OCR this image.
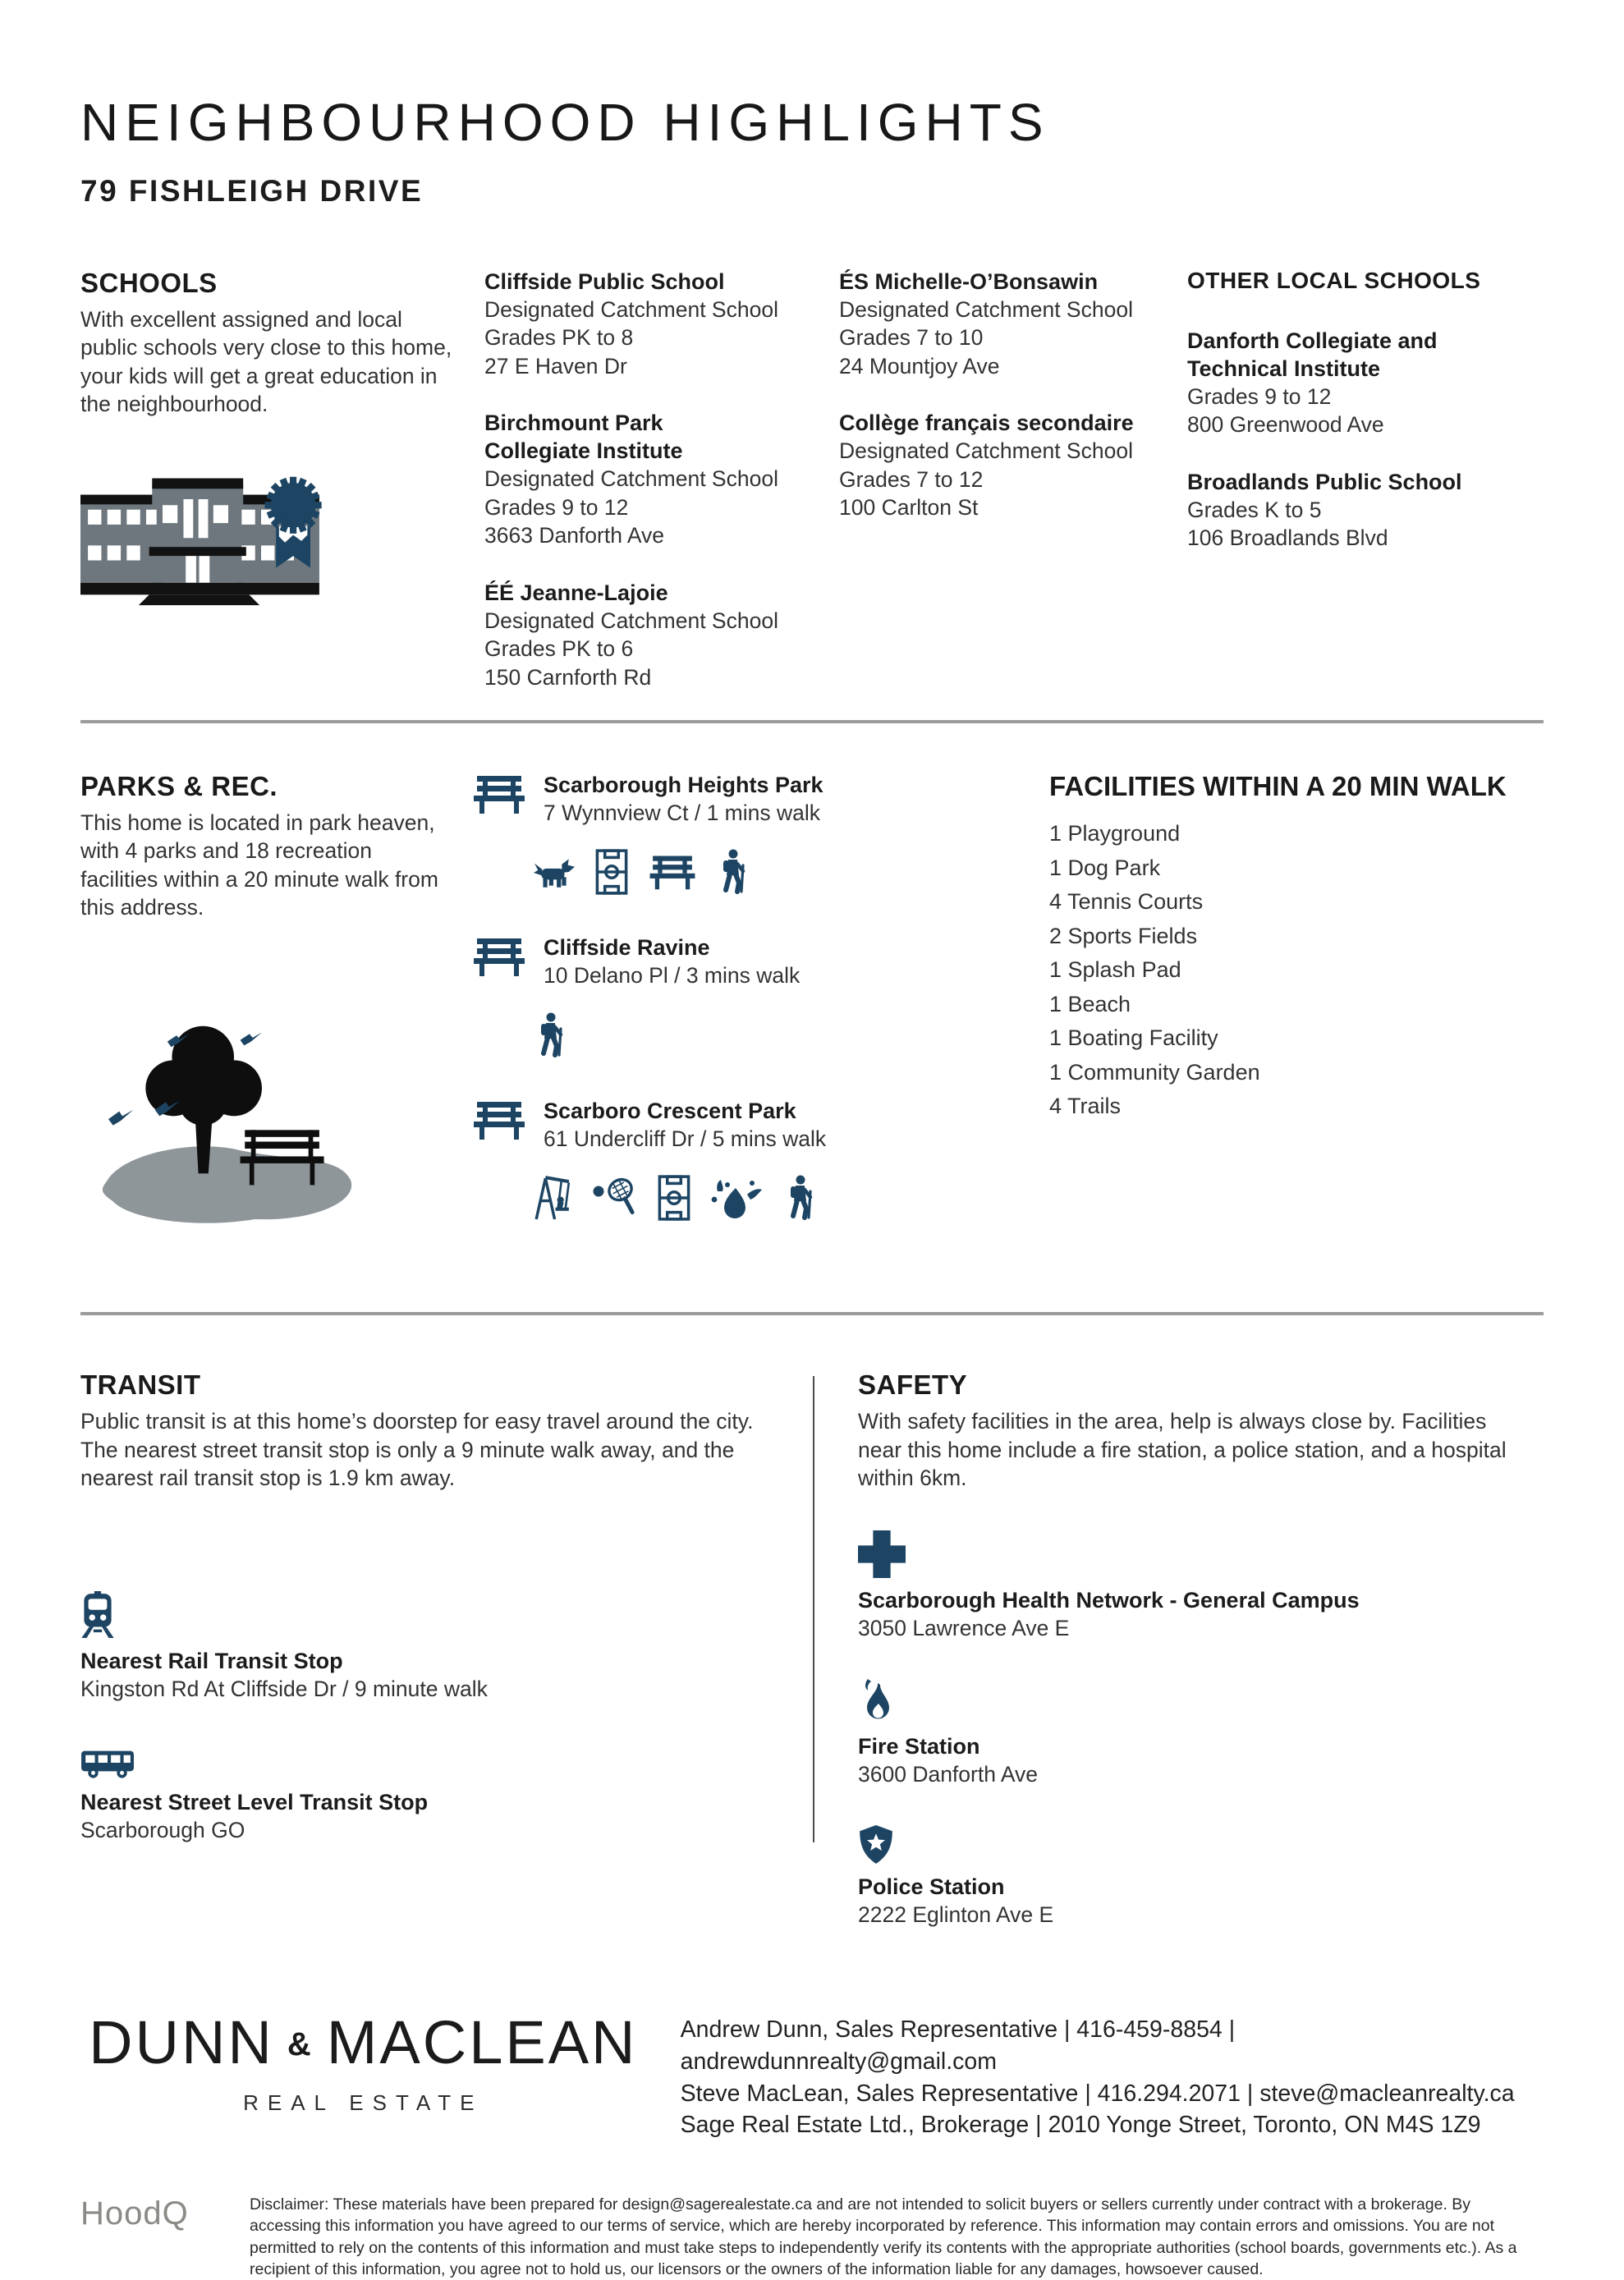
NEIGHBOURHOOD HIGHLIGHTS
79 FISHLEIGH DRIVE
SCHOOLS
With excellent assigned and local public schools very close to this home, your kids will get a great education in the neighbourhood.
Cliffside Public School
Designated Catchment School
Grades PK to 8
27 E Haven Dr
Birchmount Park Collegiate Institute
Designated Catchment School
Grades 9 to 12
3663 Danforth Ave
ÉÉ Jeanne-Lajoie
Designated Catchment School
Grades PK to 6
150 Carnforth Rd
ÉS Michelle-O’Bonsawin
Designated Catchment School
Grades 7 to 10
24 Mountjoy Ave
Collège français secondaire
Designated Catchment School
Grades 7 to 12
100 Carlton St
OTHER LOCAL SCHOOLS
Danforth Collegiate and Technical Institute
Grades 9 to 12
800 Greenwood Ave
Broadlands Public School
Grades K to 5
106 Broadlands Blvd
PARKS & REC.
This home is located in park heaven, with 4 parks and 18 recreation facilities within a 20 minute walk from this address.
Scarborough Heights Park
7 Wynnview Ct / 1 mins walk
Cliffside Ravine
10 Delano Pl / 3 mins walk
Scarboro Crescent Park
61 Undercliff Dr / 5 mins walk
FACILITIES WITHIN A 20 MIN WALK
1 Playground
1 Dog Park
4 Tennis Courts
2 Sports Fields
1 Splash Pad
1 Beach
1 Boating Facility
1 Community Garden
4 Trails
TRANSIT
Public transit is at this home’s doorstep for easy travel around the city. The nearest street transit stop is only a 9 minute walk away, and the nearest rail transit stop is 1.9 km away.
Nearest Rail Transit Stop
Kingston Rd At Cliffside Dr / 9 minute walk
Nearest Street Level Transit Stop
Scarborough GO
SAFETY
With safety facilities in the area, help is always close by. Facilities near this home include a fire station, a police station, and a hospital within 6km.
Scarborough Health Network - General Campus
3050 Lawrence Ave E
Fire Station
3600 Danforth Ave
Police Station
2222 Eglinton Ave E
DUNN & MACLEAN
REAL ESTATE
Andrew Dunn, Sales Representative | 416-459-8854 | andrewdunnrealty@gmail.com
Steve MacLean, Sales Representative | 416.294.2071 | steve@macleanrealty.ca
Sage Real Estate Ltd., Brokerage | 2010 Yonge Street, Toronto, ON M4S 1Z9
HoodQ	Disclaimer: These materials have been prepared for design@sagerealestate.ca and are not intended to solicit buyers or sellers currently under contract with a brokerage. By accessing this information you have agreed to our terms of service, which are hereby incorporated by reference. This information may contain errors and omissions. You are not permitted to rely on the contents of this information and must take steps to independently verify its contents with the appropriate authorities (school boards, governments etc.). As a recipient of this information, you agree not to hold us, our licensors or the owners of the information liable for any damages, howsoever caused.
